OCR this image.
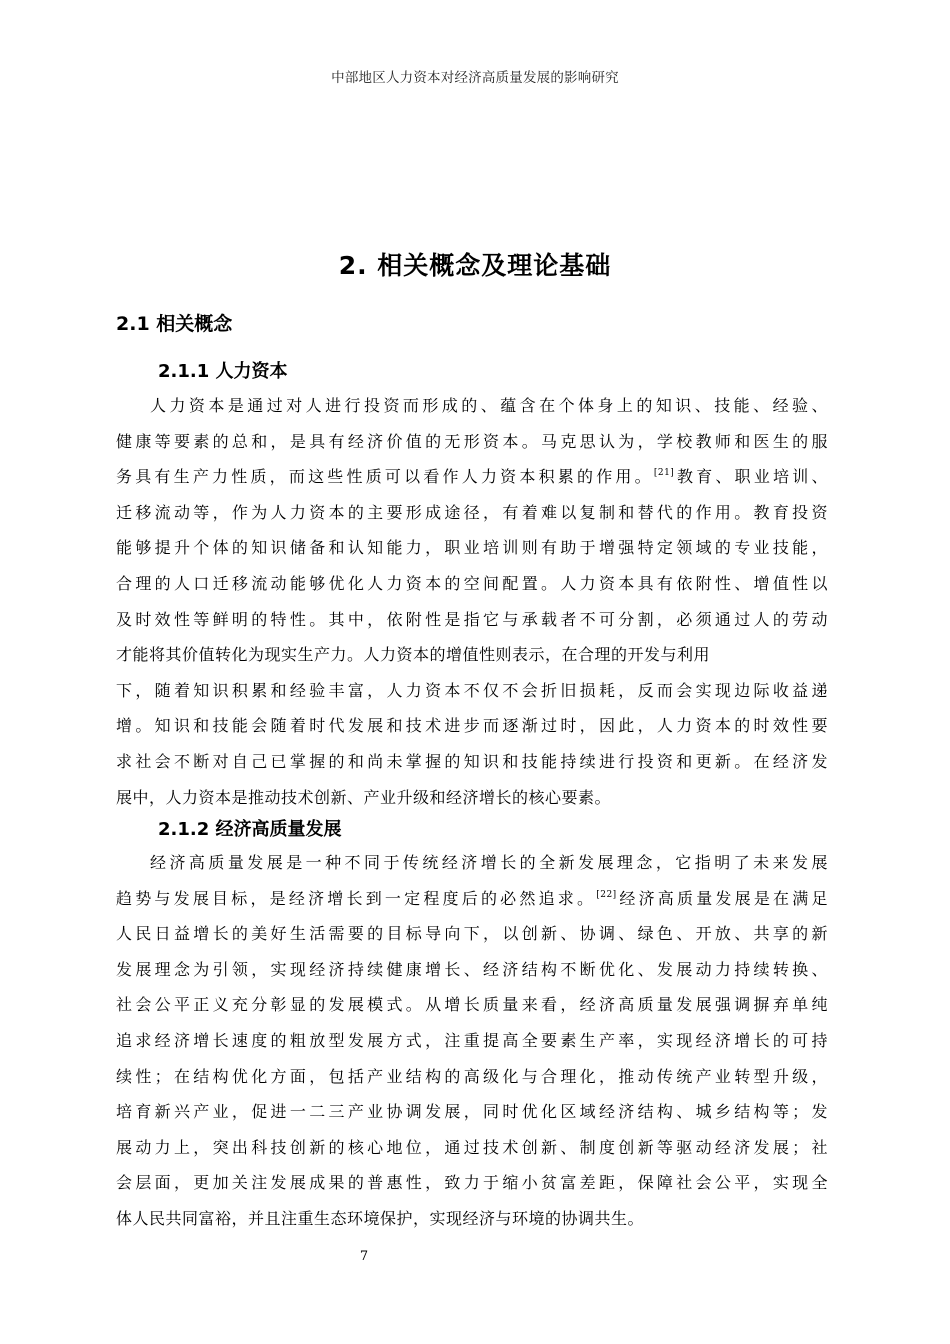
中部地区人力资本对经济高质量发展的影响研究
2. 相关概念及理论基础
2.1 相关概念
2.1.1 人力资本
人力资本是通过对人进行投资而形成的、蕴含在个体身上的知识、技能、经验、
健康等要素的总和，是具有经济价值的无形资本。马克思认为，学校教师和医生的服
务具有生产力性质，而这些性质可以看作人力资本积累的作用。[21]教育、职业培训、
迁移流动等，作为人力资本的主要形成途径，有着难以复制和替代的作用。教育投资
能够提升个体的知识储备和认知能力，职业培训则有助于增强特定领域的专业技能，
合理的人口迁移流动能够优化人力资本的空间配置。人力资本具有依附性、增值性以
及时效性等鲜明的特性。其中，依附性是指它与承载者不可分割，必须通过人的劳动
才能将其价值转化为现实生产力。人力资本的增值性则表示，在合理的开发与利用
下，随着知识积累和经验丰富，人力资本不仅不会折旧损耗，反而会实现边际收益递
增。知识和技能会随着时代发展和技术进步而逐渐过时，因此，人力资本的时效性要
求社会不断对自己已掌握的和尚未掌握的知识和技能持续进行投资和更新。在经济发
展中，人力资本是推动技术创新、产业升级和经济增长的核心要素。
2.1.2 经济高质量发展
经济高质量发展是一种不同于传统经济增长的全新发展理念，它指明了未来发展
趋势与发展目标，是经济增长到一定程度后的必然追求。[22]经济高质量发展是在满足
人民日益增长的美好生活需要的目标导向下，以创新、协调、绿色、开放、共享的新
发展理念为引领，实现经济持续健康增长、经济结构不断优化、发展动力持续转换、
社会公平正义充分彰显的发展模式。从增长质量来看，经济高质量发展强调摒弃单纯
追求经济增长速度的粗放型发展方式，注重提高全要素生产率，实现经济增长的可持
续性；在结构优化方面，包括产业结构的高级化与合理化，推动传统产业转型升级，
培育新兴产业，促进一二三产业协调发展，同时优化区域经济结构、城乡结构等；发
展动力上，突出科技创新的核心地位，通过技术创新、制度创新等驱动经济发展；社
会层面，更加关注发展成果的普惠性，致力于缩小贫富差距，保障社会公平，实现全
体人民共同富裕，并且注重生态环境保护，实现经济与环境的协调共生。
7
